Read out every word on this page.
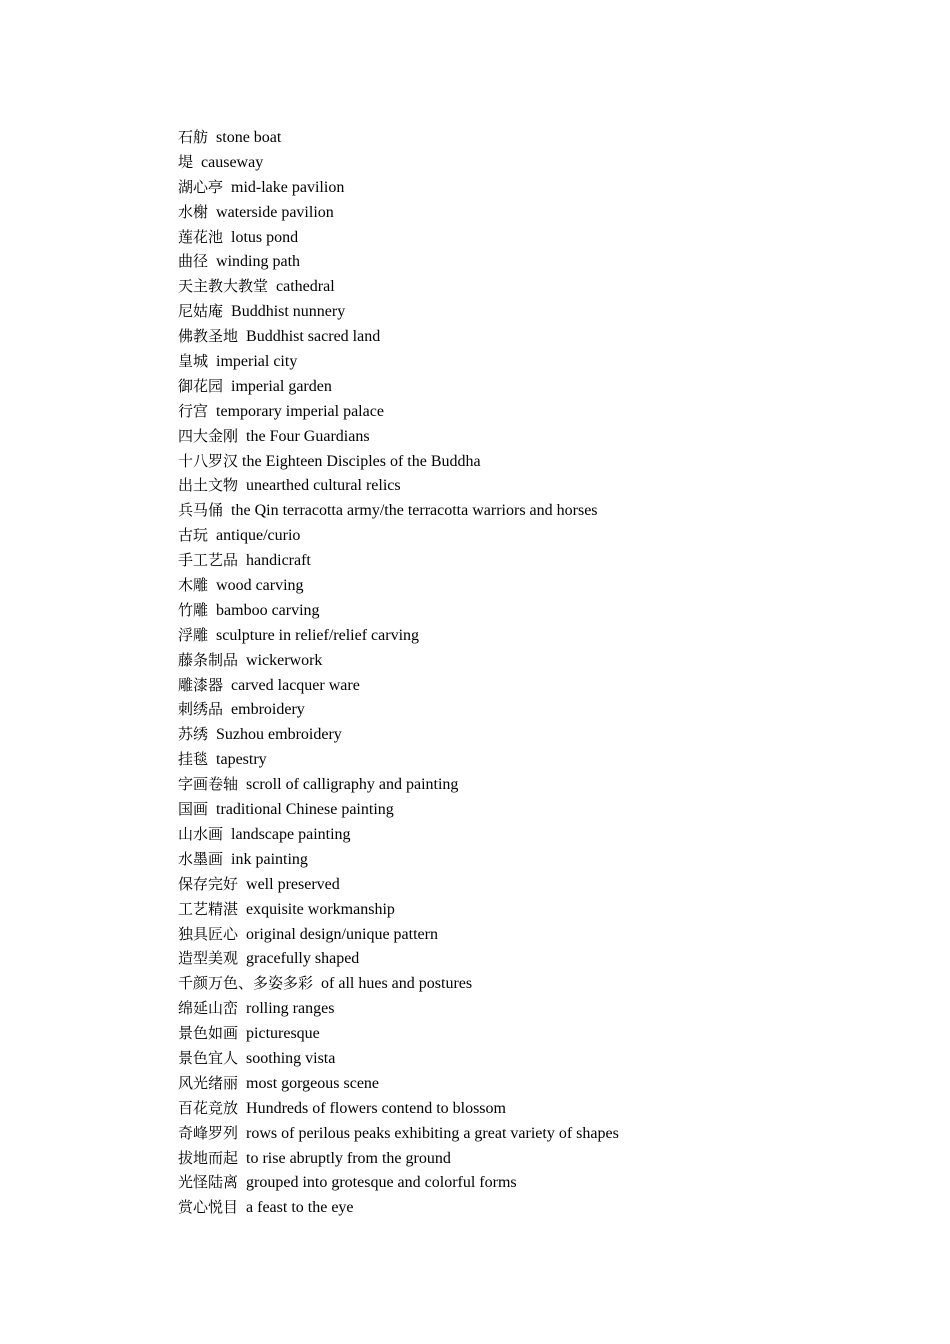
石舫  stone boat
堤  causeway
湖心亭  mid-lake pavilion
水榭  waterside pavilion
莲花池  lotus pond
曲径  winding path
天主教大教堂  cathedral
尼姑庵  Buddhist nunnery
佛教圣地  Buddhist sacred land
皇城  imperial city
御花园  imperial garden
行宫  temporary imperial palace
四大金刚  the Four Guardians
十八罗汉 the Eighteen Disciples of the Buddha
出土文物  unearthed cultural relics
兵马俑  the Qin terracotta army/the terracotta warriors and horses
古玩  antique/curio
手工艺品  handicraft
木雕  wood carving
竹雕  bamboo carving
浮雕  sculpture in relief/relief carving
藤条制品  wickerwork
雕漆器  carved lacquer ware
刺绣品  embroidery
苏绣  Suzhou embroidery
挂毯  tapestry
字画卷轴  scroll of calligraphy and painting
国画  traditional Chinese painting
山水画  landscape painting
水墨画  ink painting
保存完好  well preserved
工艺精湛  exquisite workmanship
独具匠心  original design/unique pattern
造型美观  gracefully shaped
千颜万色、多姿多彩  of all hues and postures
绵延山峦  rolling ranges
景色如画  picturesque
景色宜人  soothing vista
风光绪丽  most gorgeous scene
百花竞放  Hundreds of flowers contend to blossom
奇峰罗列  rows of perilous peaks exhibiting a great variety of shapes
拔地而起  to rise abruptly from the ground
光怪陆离  grouped into grotesque and colorful forms
赏心悦目  a feast to the eye
